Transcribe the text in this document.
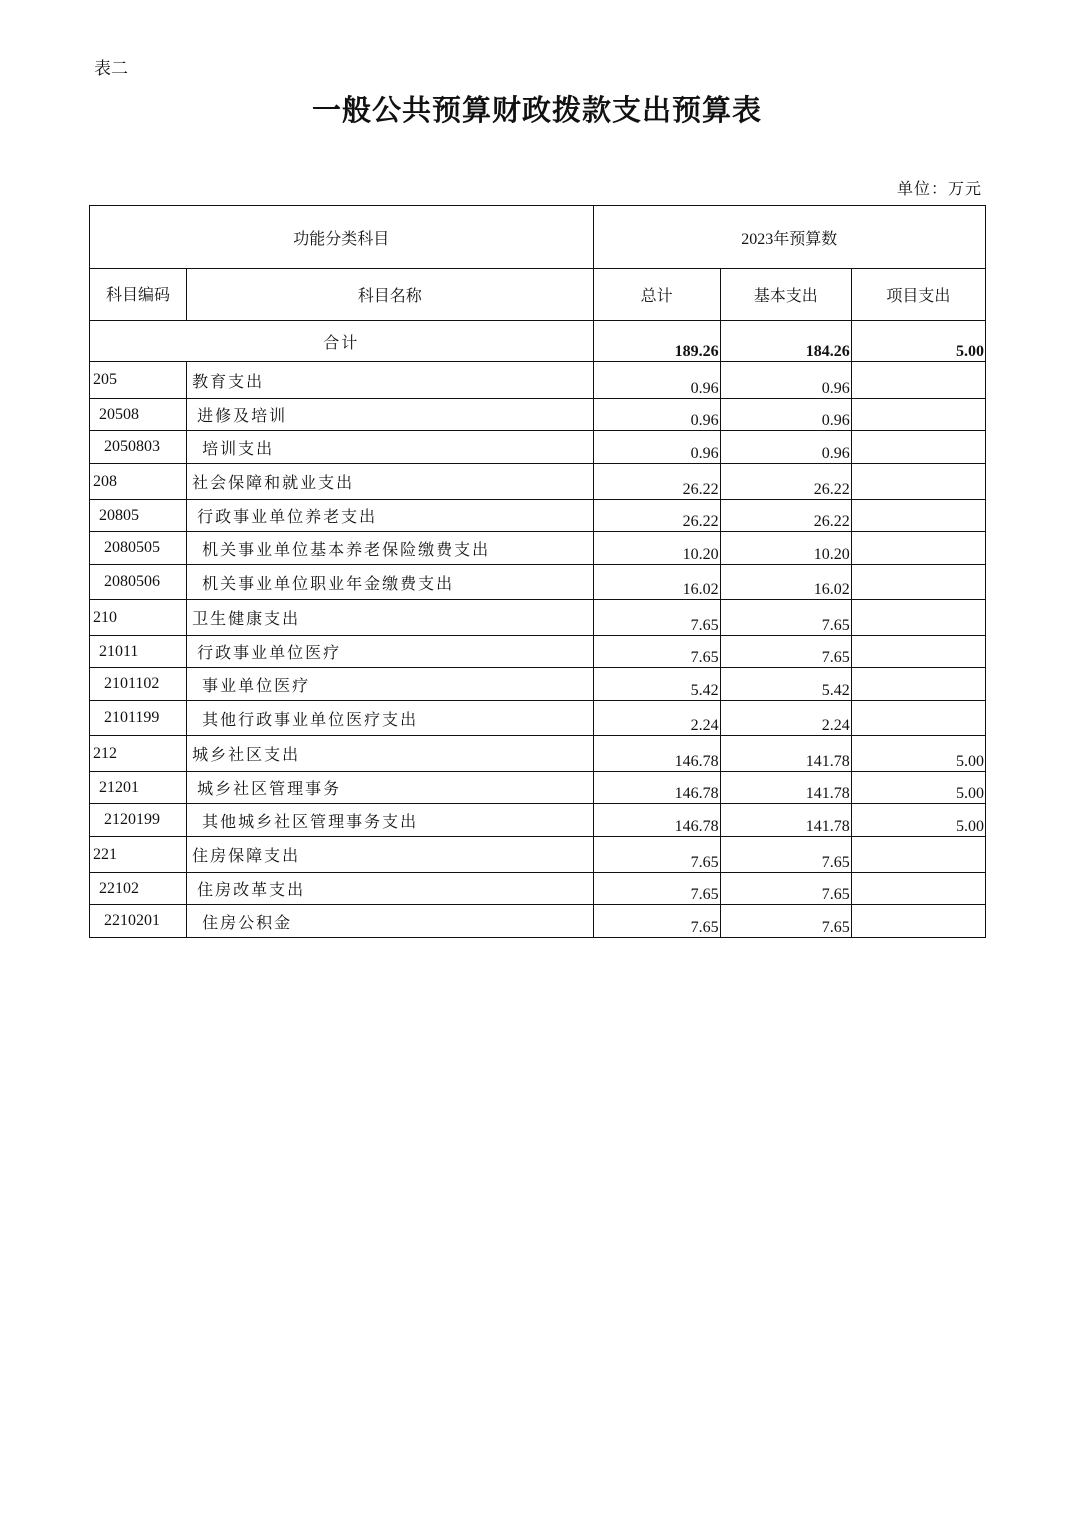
表二
一般公共预算财政拨款支出预算表
单位：万元
功能分类科目		2023年预算数		
科目编码	科目名称	总计	基本支出	项目支出
合计		189.26	184.26	5.00
205	教育支出	0.96	0.96	
20508	进修及培训	0.96	0.96	
2050803	培训支出	0.96	0.96	
208	社会保障和就业支出	26.22	26.22	
20805	行政事业单位养老支出	26.22	26.22	
2080505	机关事业单位基本养老保险缴费支出	10.20	10.20	
2080506	机关事业单位职业年金缴费支出	16.02	16.02	
210	卫生健康支出	7.65	7.65	
21011	行政事业单位医疗	7.65	7.65	
2101102	事业单位医疗	5.42	5.42	
2101199	其他行政事业单位医疗支出	2.24	2.24	
212	城乡社区支出	146.78	141.78	5.00
21201	城乡社区管理事务	146.78	141.78	5.00
2120199	其他城乡社区管理事务支出	146.78	141.78	5.00
221	住房保障支出	7.65	7.65	
22102	住房改革支出	7.65	7.65	
2210201	住房公积金	7.65	7.65	
